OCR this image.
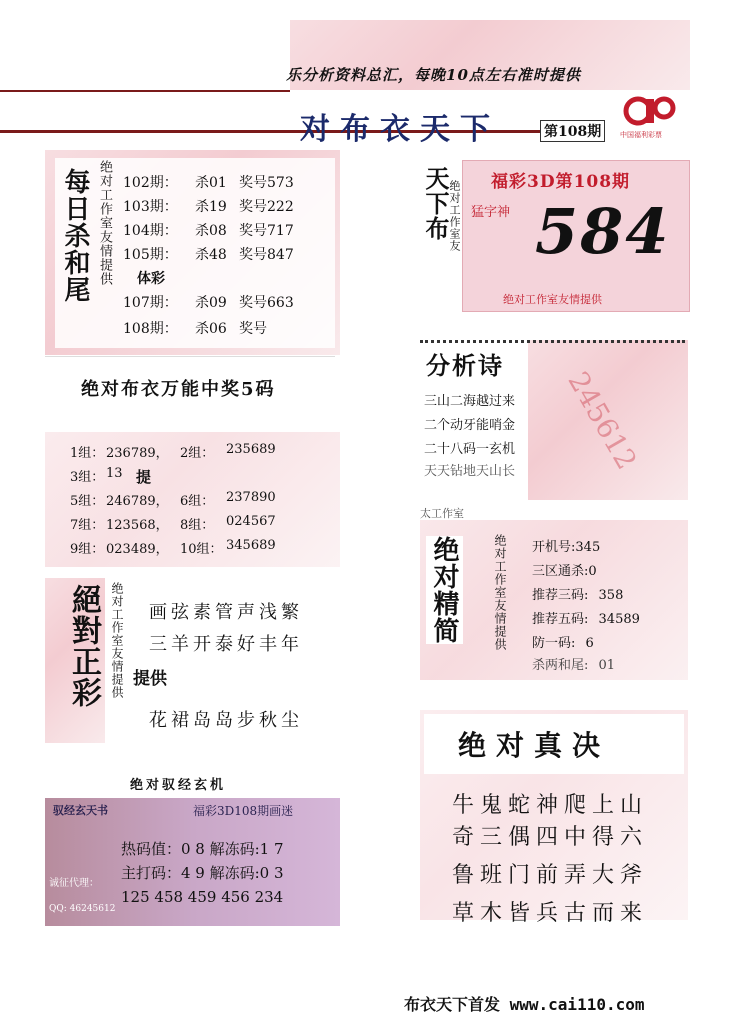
乐分析资料总汇，每晚10点左右准时提供
对布衣天下	第108期	中国福利彩票
每日杀和尾 绝对工作室友情提供 102期： 杀01 奖号573
103期： 杀19 奖号222
104期： 杀08 奖号717
105期： 杀48 奖号847
体彩
107期： 杀09 奖号663
108期： 杀06 奖号
天下布
绝对工作室友 福彩3D第108期
猛字神 584
绝对工作室友情提供
绝对布衣万能中奖5码
1组： 236789， 2组： 235689
3组： 13 提
5组： 246789， 6组： 237890
7组： 123568， 8组： 024567
9组： 023489， 10组： 345689
分析诗
三山二海越过来
二个动牙能哨金
二十八码一玄机
天天钻地天山长 245612
太工作室
绝对精简	绝对工作室友情提供 开机号:345
三区通杀:0
推荐三码: 358
推荐五码: 34589
防一码: 6
杀两和尾: 01
絕對正彩 绝对工作室友情提供 画弦素管声浅繁
三羊开泰好丰年
提供
花裙岛岛步秋尘
绝对真决
牛鬼蛇神爬上山
奇三偶四中得六
鲁班门前弄大斧
草木皆兵古而来
绝对驭经玄机
驭经玄天书	福彩3D108期画迷
热码值：0 8 解冻码:1 7
主打码：4 9 解冻码:0 3
125 458 459 456 234
诚征代理：
QQ: 46245612
布衣天下首发 www.cai110.com
